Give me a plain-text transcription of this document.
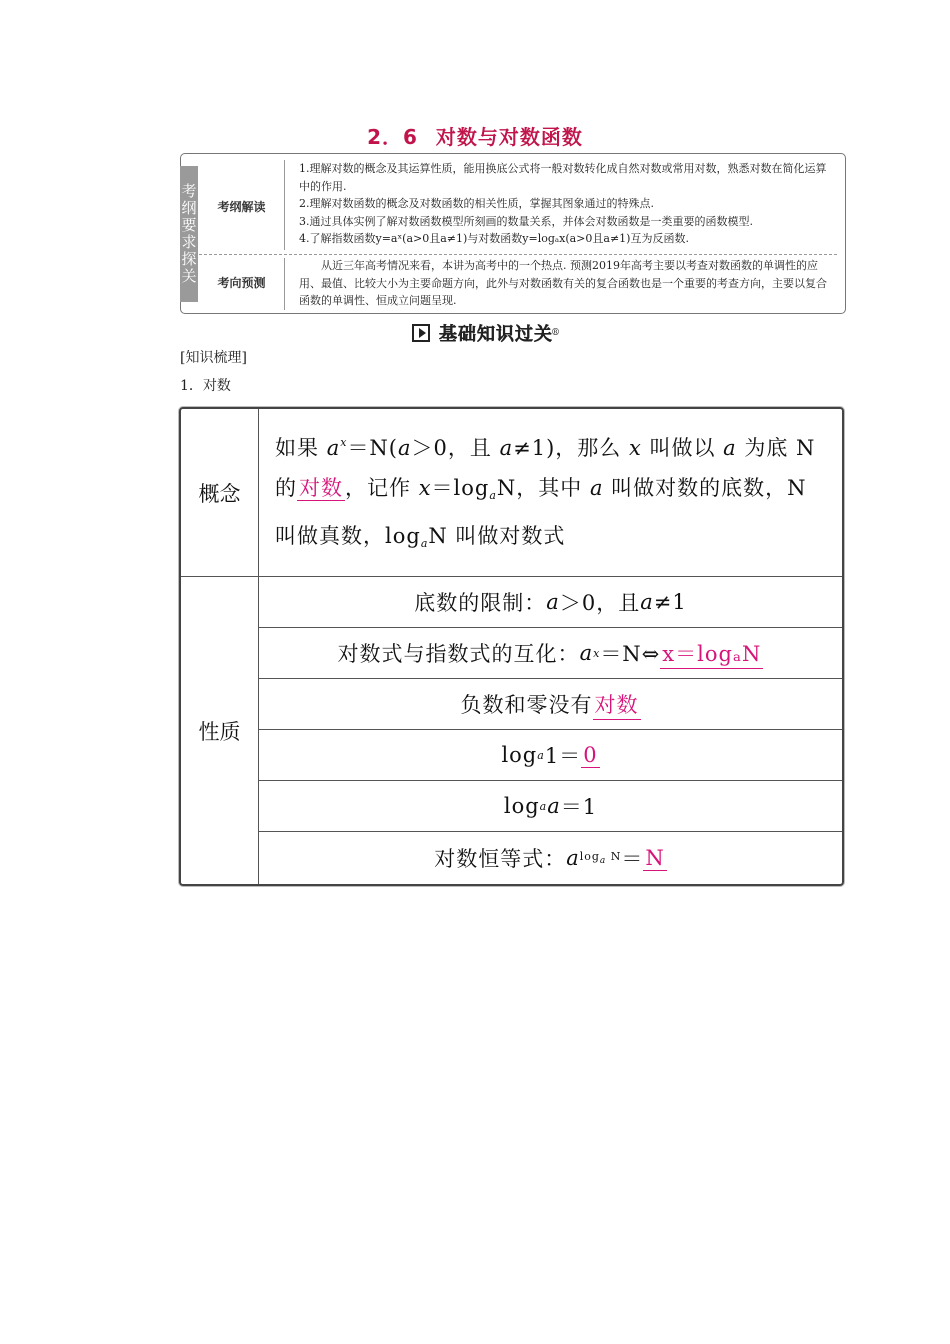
2．6 对数与对数函数
考
纲
要
求
探
关
考纲解读

1.理解对数的概念及其运算性质，能用换底公式将一般对数转化成自然对数或常用对数，熟悉对数在简化运算中的作用.

2.理解对数函数的概念及对数函数的相关性质，掌握其图象通过的特殊点.

3.通过具体实例了解对数函数模型所刻画的数量关系，并体会对数函数是一类重要的函数模型.

4.了解指数函数y=aˣ(a>0且a≠1)与对数函数y=logₐx(a>0且a≠1)互为反函数.

考向预测

从近三年高考情况来看，本讲为高考中的一个热点. 预测2019年高考主要以考查对数函数的单调性的应用、最值、比较大小为主要命题方向，此外与对数函数有关的复合函数也是一个重要的考查方向，主要以复合函数的单调性、恒成立问题呈现.

基础知识过关
®
[知识梳理]
1．对数
概念
如果 $a^x=N(a>0$，且 a≠1)，那么 x 叫做以 a 为底 N 的对数，记作 $x=\log_aN$，其中 a 叫做对数的底数，N 叫做真数，$\log_aN$ 叫做对数式
性质
底数的限制： a ＞0，且 a ≠1
对数式与指数式的互化： a x ＝N⇔ x＝logₐN
负数和零没有 对数
log a 1＝ 0
log a a ＝1
对数恒等式： a $\log_a N = N$
